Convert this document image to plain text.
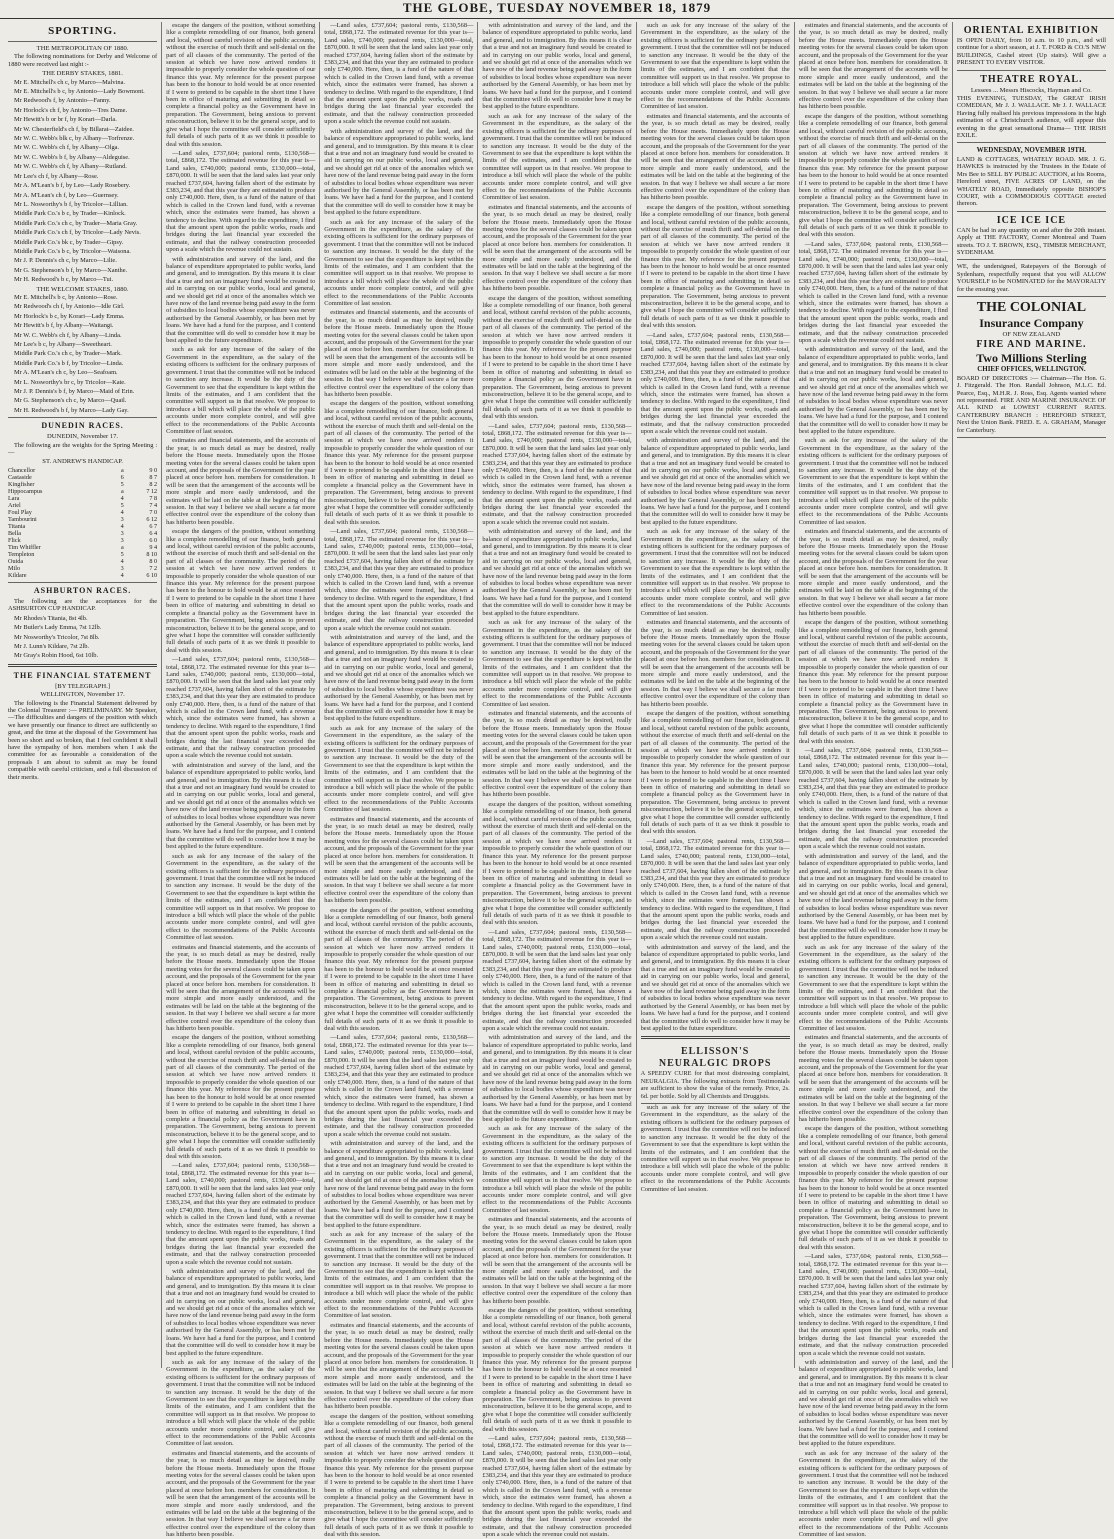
THE GLOBE, TUESDAY NOVEMBER 18, 1879
SPORTING.
THE METROPOLITAN OF 1880.

The following nominations for Derby and Welcome of 1880 were received last night :-

THE DERBY STAKES, 1881.

Mr E. Mitchell's ch c, by Marco—Malvina.

Mr E. Mitchell's b c, by Antonio—Lady Bowmont.

Mr Redwood's f, by Antonio—Fanny.

Mr Horlock's ch f, by Antonio—Tres Dame.

Mr Hewitt's b or br f, by Korari—Darla.

Mr W. Chesterfield's ch f, by Billarat—Zaidee.

Mr W. C. Webb's blk c, by Albany—Torfrenze.

Mr W. C. Webb's ch f, by Albany—Olga.

Mr W. C. Webb's b f, by Albany—Aldeguise.

Mr W. C. Webb's ch f, by Albany—Rutland.

Mr Lee's ch f, by Albany—Rose.

Mr A. M'Lean's b f, by Leo—Lady Rosebery.

Mr A. M'Lean's ch f, by Leo—Guernsey.

Mr L. Nosworthy's b f, by Tricolor—Lillian.

Middle Park Co.'s b c, by Trader—Kinlock.

Middle Park Co.'s ch c, by Trader—Maria Gray.

Middle Park Co.'s ch f, by Tricolor—Lady Nevis.

Middle Park Co.'s bk c, by Trader—Gipsy.

Middle Park Co.'s b c, by Tricolor—Waisona.

Mr J. P. Dennis's ch c, by Marco—Lilie.

Mr G. Stephenson's b f, by Marco—Xanthe.

Mr H. Redwood's b c, by Marco—Tui.

THE WELCOME STAKES, 1880.

Mr E. Mitchell's b c, by Antonio—Rose.

Mr Redwood's ch f, by Antonio—Idle Girl.

Mr Horlock's b c, by Korari—Lady Emma.

Mr Hewitt's b f, by Albany—Waitangi.

Mr W. C. Webb's ch f, by Albany—Linda.

Mr Lee's b c, by Albany—Sweetheart.

Middle Park Co.'s ch c, by Trader—Mark.

Middle Park Co.'s b f, by Tricolor—Linda.

Mr A. M'Lean's ch c, by Leo—Seafoam.

Mr L. Nosworthy's br c, by Tricolor—Kate.

Mr J. P. Dennis's b f, by Marco—Maid of Erin.

Mr G. Stephenson's ch c, by Marco—Quail.

Mr H. Redwood's b f, by Marco—Lady Gay.

DUNEDIN RACES.
DUNEDIN, November 17.

The following are the weights for the Spring Meeting :—

ST. ANDREW'S HANDICAP.
Chancellor	a	9 0
Castaside	6	8 7
Kingfisher	5	8 2
Hippocampus	a	7 12
Lara	4	7 8
Ariel	5	7 4
Foul Play	4	7 0
Tambourini	3	6 12
Titania	4	6 7
Bella	3	6 4
Flick	3	6 0
Tim Whiffler	a	9 4
Templeton	5	8 10
Ouida	4	8 0
Milo	3	7 2
Kildare	4	6 10
ASHBURTON RACES.

The following are the acceptances for the ASHBURTON CUP HANDICAP.

Mr Rhodes's Titania, 8st 4lb.

Mr Butler's Lady Emma, 7st 12lb.

Mr Nosworthy's Tricolor, 7st 8lb.

Mr J. Lunn's Kildare, 7st 2lb.

Mr Gray's Robin Hood, 6st 10lb.

THE FINANCIAL STATEMENT
[BY TELEGRAPH.]
WELLINGTON, November 17.

The following is the Financial Statement delivered by the Colonial Treasurer :— PRELIMINARY. Mr Speaker,—The difficulties and dangers of the position with which we have presently our finance to direct are sufficiently so great, and the time at the disposal of the Government has been so short and so broken, that I feel confident it shall have the sympathy of hon. members when I ask the committee for as favourable a consideration of the proposals I am about to submit as may be found compatible with careful criticism, and a full discussion of their merits.

escape the dangers of the position, without something like a complete remodelling of our finance, both general and local, without careful revision of the public accounts, without the exercise of much thrift and self-denial on the part of all classes of the community. The period of the session at which we have now arrived renders it impossible to properly consider the whole question of our finance this year. My reference for the present purpose has been to the honour to hold would be at once resented if I were to pretend to be capable in the short time I have been in office of maturing and submitting in detail so complete a financial policy as the Government have in preparation. The Government, being anxious to prevent misconstruction, believe it to be the general scope, and to give what I hope the committee will consider sufficiently full details of such parts of it as we think it possible to deal with this session.

—Land sales, £737,604; pastoral rents, £130,568—total, £868,172. The estimated revenue for this year is—Land sales, £740,000; pastoral rents, £130,000—total, £870,000. It will be seen that the land sales last year only reached £737,604, having fallen short of the estimate by £383,234, and that this year they are estimated to produce only £740,000. Here, then, is a fund of the nature of that which is called in the Crown land fund, with a revenue which, since the estimates were framed, has shown a tendency to decline. With regard to the expenditure, I find that the amount spent upon the public works, roads and bridges during the last financial year exceeded the estimate, and that the railway construction proceeded upon a scale which the revenue could not sustain.

with administration and survey of the land, and the balance of expenditure appropriated to public works, land and general, and to immigration. By this means it is clear that a true and not an imaginary fund would be created to aid in carrying on our public works, local and general, and we should get rid at once of the anomalies which we have now of the land revenue being paid away in the form of subsidies to local bodies whose expenditure was never authorised by the General Assembly, or has been met by loans. We have had a fund for the purpose, and I contend that the committee will do well to consider how it may be best applied to the future expenditure.

such as ask for any increase of the salary of the Government in the expenditure, as the salary of the existing officers is sufficient for the ordinary purposes of government. I trust that the committee will not be induced to sanction any increase. It would be the duty of the Government to see that the expenditure is kept within the limits of the estimates, and I am confident that the committee will support us in that resolve. We propose to introduce a bill which will place the whole of the public accounts under more complete control, and will give effect to the recommendations of the Public Accounts Committee of last session.

estimates and financial statements, and the accounts of the year, is so much detail as may be desired, really before the House meets. Immediately upon the House meeting votes for the several classes could be taken upon account, and the proposals of the Government for the year placed at once before hon. members for consideration. It will be seen that the arrangement of the accounts will be more simple and more easily understood, and the estimates will be laid on the table at the beginning of the session. In that way I believe we shall secure a far more effective control over the expenditure of the colony than has hitherto been possible.

escape the dangers of the position, without something like a complete remodelling of our finance, both general and local, without careful revision of the public accounts, without the exercise of much thrift and self-denial on the part of all classes of the community. The period of the session at which we have now arrived renders it impossible to properly consider the whole question of our finance this year. My reference for the present purpose has been to the honour to hold would be at once resented if I were to pretend to be capable in the short time I have been in office of maturing and submitting in detail so complete a financial policy as the Government have in preparation. The Government, being anxious to prevent misconstruction, believe it to be the general scope, and to give what I hope the committee will consider sufficiently full details of such parts of it as we think it possible to deal with this session.

—Land sales, £737,604; pastoral rents, £130,568—total, £868,172. The estimated revenue for this year is—Land sales, £740,000; pastoral rents, £130,000—total, £870,000. It will be seen that the land sales last year only reached £737,604, having fallen short of the estimate by £383,234, and that this year they are estimated to produce only £740,000. Here, then, is a fund of the nature of that which is called in the Crown land fund, with a revenue which, since the estimates were framed, has shown a tendency to decline. With regard to the expenditure, I find that the amount spent upon the public works, roads and bridges during the last financial year exceeded the estimate, and that the railway construction proceeded upon a scale which the revenue could not sustain.

with administration and survey of the land, and the balance of expenditure appropriated to public works, land and general, and to immigration. By this means it is clear that a true and not an imaginary fund would be created to aid in carrying on our public works, local and general, and we should get rid at once of the anomalies which we have now of the land revenue being paid away in the form of subsidies to local bodies whose expenditure was never authorised by the General Assembly, or has been met by loans. We have had a fund for the purpose, and I contend that the committee will do well to consider how it may be best applied to the future expenditure.

such as ask for any increase of the salary of the Government in the expenditure, as the salary of the existing officers is sufficient for the ordinary purposes of government. I trust that the committee will not be induced to sanction any increase. It would be the duty of the Government to see that the expenditure is kept within the limits of the estimates, and I am confident that the committee will support us in that resolve. We propose to introduce a bill which will place the whole of the public accounts under more complete control, and will give effect to the recommendations of the Public Accounts Committee of last session.

estimates and financial statements, and the accounts of the year, is so much detail as may be desired, really before the House meets. Immediately upon the House meeting votes for the several classes could be taken upon account, and the proposals of the Government for the year placed at once before hon. members for consideration. It will be seen that the arrangement of the accounts will be more simple and more easily understood, and the estimates will be laid on the table at the beginning of the session. In that way I believe we shall secure a far more effective control over the expenditure of the colony than has hitherto been possible.

escape the dangers of the position, without something like a complete remodelling of our finance, both general and local, without careful revision of the public accounts, without the exercise of much thrift and self-denial on the part of all classes of the community. The period of the session at which we have now arrived renders it impossible to properly consider the whole question of our finance this year. My reference for the present purpose has been to the honour to hold would be at once resented if I were to pretend to be capable in the short time I have been in office of maturing and submitting in detail so complete a financial policy as the Government have in preparation. The Government, being anxious to prevent misconstruction, believe it to be the general scope, and to give what I hope the committee will consider sufficiently full details of such parts of it as we think it possible to deal with this session.

—Land sales, £737,604; pastoral rents, £130,568—total, £868,172. The estimated revenue for this year is—Land sales, £740,000; pastoral rents, £130,000—total, £870,000. It will be seen that the land sales last year only reached £737,604, having fallen short of the estimate by £383,234, and that this year they are estimated to produce only £740,000. Here, then, is a fund of the nature of that which is called in the Crown land fund, with a revenue which, since the estimates were framed, has shown a tendency to decline. With regard to the expenditure, I find that the amount spent upon the public works, roads and bridges during the last financial year exceeded the estimate, and that the railway construction proceeded upon a scale which the revenue could not sustain.

with administration and survey of the land, and the balance of expenditure appropriated to public works, land and general, and to immigration. By this means it is clear that a true and not an imaginary fund would be created to aid in carrying on our public works, local and general, and we should get rid at once of the anomalies which we have now of the land revenue being paid away in the form of subsidies to local bodies whose expenditure was never authorised by the General Assembly, or has been met by loans. We have had a fund for the purpose, and I contend that the committee will do well to consider how it may be best applied to the future expenditure.

such as ask for any increase of the salary of the Government in the expenditure, as the salary of the existing officers is sufficient for the ordinary purposes of government. I trust that the committee will not be induced to sanction any increase. It would be the duty of the Government to see that the expenditure is kept within the limits of the estimates, and I am confident that the committee will support us in that resolve. We propose to introduce a bill which will place the whole of the public accounts under more complete control, and will give effect to the recommendations of the Public Accounts Committee of last session.

estimates and financial statements, and the accounts of the year, is so much detail as may be desired, really before the House meets. Immediately upon the House meeting votes for the several classes could be taken upon account, and the proposals of the Government for the year placed at once before hon. members for consideration. It will be seen that the arrangement of the accounts will be more simple and more easily understood, and the estimates will be laid on the table at the beginning of the session. In that way I believe we shall secure a far more effective control over the expenditure of the colony than has hitherto been possible.

—Land sales, £737,604; pastoral rents, £130,568—total, £868,172. The estimated revenue for this year is—Land sales, £740,000; pastoral rents, £130,000—total, £870,000. It will be seen that the land sales last year only reached £737,604, having fallen short of the estimate by £383,234, and that this year they are estimated to produce only £740,000. Here, then, is a fund of the nature of that which is called in the Crown land fund, with a revenue which, since the estimates were framed, has shown a tendency to decline. With regard to the expenditure, I find that the amount spent upon the public works, roads and bridges during the last financial year exceeded the estimate, and that the railway construction proceeded upon a scale which the revenue could not sustain.

with administration and survey of the land, and the balance of expenditure appropriated to public works, land and general, and to immigration. By this means it is clear that a true and not an imaginary fund would be created to aid in carrying on our public works, local and general, and we should get rid at once of the anomalies which we have now of the land revenue being paid away in the form of subsidies to local bodies whose expenditure was never authorised by the General Assembly, or has been met by loans. We have had a fund for the purpose, and I contend that the committee will do well to consider how it may be best applied to the future expenditure.

such as ask for any increase of the salary of the Government in the expenditure, as the salary of the existing officers is sufficient for the ordinary purposes of government. I trust that the committee will not be induced to sanction any increase. It would be the duty of the Government to see that the expenditure is kept within the limits of the estimates, and I am confident that the committee will support us in that resolve. We propose to introduce a bill which will place the whole of the public accounts under more complete control, and will give effect to the recommendations of the Public Accounts Committee of last session.

estimates and financial statements, and the accounts of the year, is so much detail as may be desired, really before the House meets. Immediately upon the House meeting votes for the several classes could be taken upon account, and the proposals of the Government for the year placed at once before hon. members for consideration. It will be seen that the arrangement of the accounts will be more simple and more easily understood, and the estimates will be laid on the table at the beginning of the session. In that way I believe we shall secure a far more effective control over the expenditure of the colony than has hitherto been possible.

escape the dangers of the position, without something like a complete remodelling of our finance, both general and local, without careful revision of the public accounts, without the exercise of much thrift and self-denial on the part of all classes of the community. The period of the session at which we have now arrived renders it impossible to properly consider the whole question of our finance this year. My reference for the present purpose has been to the honour to hold would be at once resented if I were to pretend to be capable in the short time I have been in office of maturing and submitting in detail so complete a financial policy as the Government have in preparation. The Government, being anxious to prevent misconstruction, believe it to be the general scope, and to give what I hope the committee will consider sufficiently full details of such parts of it as we think it possible to deal with this session.

—Land sales, £737,604; pastoral rents, £130,568—total, £868,172. The estimated revenue for this year is—Land sales, £740,000; pastoral rents, £130,000—total, £870,000. It will be seen that the land sales last year only reached £737,604, having fallen short of the estimate by £383,234, and that this year they are estimated to produce only £740,000. Here, then, is a fund of the nature of that which is called in the Crown land fund, with a revenue which, since the estimates were framed, has shown a tendency to decline. With regard to the expenditure, I find that the amount spent upon the public works, roads and bridges during the last financial year exceeded the estimate, and that the railway construction proceeded upon a scale which the revenue could not sustain.

with administration and survey of the land, and the balance of expenditure appropriated to public works, land and general, and to immigration. By this means it is clear that a true and not an imaginary fund would be created to aid in carrying on our public works, local and general, and we should get rid at once of the anomalies which we have now of the land revenue being paid away in the form of subsidies to local bodies whose expenditure was never authorised by the General Assembly, or has been met by loans. We have had a fund for the purpose, and I contend that the committee will do well to consider how it may be best applied to the future expenditure.

such as ask for any increase of the salary of the Government in the expenditure, as the salary of the existing officers is sufficient for the ordinary purposes of government. I trust that the committee will not be induced to sanction any increase. It would be the duty of the Government to see that the expenditure is kept within the limits of the estimates, and I am confident that the committee will support us in that resolve. We propose to introduce a bill which will place the whole of the public accounts under more complete control, and will give effect to the recommendations of the Public Accounts Committee of last session.

estimates and financial statements, and the accounts of the year, is so much detail as may be desired, really before the House meets. Immediately upon the House meeting votes for the several classes could be taken upon account, and the proposals of the Government for the year placed at once before hon. members for consideration. It will be seen that the arrangement of the accounts will be more simple and more easily understood, and the estimates will be laid on the table at the beginning of the session. In that way I believe we shall secure a far more effective control over the expenditure of the colony than has hitherto been possible.

escape the dangers of the position, without something like a complete remodelling of our finance, both general and local, without careful revision of the public accounts, without the exercise of much thrift and self-denial on the part of all classes of the community. The period of the session at which we have now arrived renders it impossible to properly consider the whole question of our finance this year. My reference for the present purpose has been to the honour to hold would be at once resented if I were to pretend to be capable in the short time I have been in office of maturing and submitting in detail so complete a financial policy as the Government have in preparation. The Government, being anxious to prevent misconstruction, believe it to be the general scope, and to give what I hope the committee will consider sufficiently full details of such parts of it as we think it possible to deal with this session.

—Land sales, £737,604; pastoral rents, £130,568—total, £868,172. The estimated revenue for this year is—Land sales, £740,000; pastoral rents, £130,000—total, £870,000. It will be seen that the land sales last year only reached £737,604, having fallen short of the estimate by £383,234, and that this year they are estimated to produce only £740,000. Here, then, is a fund of the nature of that which is called in the Crown land fund, with a revenue which, since the estimates were framed, has shown a tendency to decline. With regard to the expenditure, I find that the amount spent upon the public works, roads and bridges during the last financial year exceeded the estimate, and that the railway construction proceeded upon a scale which the revenue could not sustain.

with administration and survey of the land, and the balance of expenditure appropriated to public works, land and general, and to immigration. By this means it is clear that a true and not an imaginary fund would be created to aid in carrying on our public works, local and general, and we should get rid at once of the anomalies which we have now of the land revenue being paid away in the form of subsidies to local bodies whose expenditure was never authorised by the General Assembly, or has been met by loans. We have had a fund for the purpose, and I contend that the committee will do well to consider how it may be best applied to the future expenditure.

such as ask for any increase of the salary of the Government in the expenditure, as the salary of the existing officers is sufficient for the ordinary purposes of government. I trust that the committee will not be induced to sanction any increase. It would be the duty of the Government to see that the expenditure is kept within the limits of the estimates, and I am confident that the committee will support us in that resolve. We propose to introduce a bill which will place the whole of the public accounts under more complete control, and will give effect to the recommendations of the Public Accounts Committee of last session.

estimates and financial statements, and the accounts of the year, is so much detail as may be desired, really before the House meets. Immediately upon the House meeting votes for the several classes could be taken upon account, and the proposals of the Government for the year placed at once before hon. members for consideration. It will be seen that the arrangement of the accounts will be more simple and more easily understood, and the estimates will be laid on the table at the beginning of the session. In that way I believe we shall secure a far more effective control over the expenditure of the colony than has hitherto been possible.

escape the dangers of the position, without something like a complete remodelling of our finance, both general and local, without careful revision of the public accounts, without the exercise of much thrift and self-denial on the part of all classes of the community. The period of the session at which we have now arrived renders it impossible to properly consider the whole question of our finance this year. My reference for the present purpose has been to the honour to hold would be at once resented if I were to pretend to be capable in the short time I have been in office of maturing and submitting in detail so complete a financial policy as the Government have in preparation. The Government, being anxious to prevent misconstruction, believe it to be the general scope, and to give what I hope the committee will consider sufficiently full details of such parts of it as we think it possible to deal with this session.

with administration and survey of the land, and the balance of expenditure appropriated to public works, land and general, and to immigration. By this means it is clear that a true and not an imaginary fund would be created to aid in carrying on our public works, local and general, and we should get rid at once of the anomalies which we have now of the land revenue being paid away in the form of subsidies to local bodies whose expenditure was never authorised by the General Assembly, or has been met by loans. We have had a fund for the purpose, and I contend that the committee will do well to consider how it may be best applied to the future expenditure.

such as ask for any increase of the salary of the Government in the expenditure, as the salary of the existing officers is sufficient for the ordinary purposes of government. I trust that the committee will not be induced to sanction any increase. It would be the duty of the Government to see that the expenditure is kept within the limits of the estimates, and I am confident that the committee will support us in that resolve. We propose to introduce a bill which will place the whole of the public accounts under more complete control, and will give effect to the recommendations of the Public Accounts Committee of last session.

estimates and financial statements, and the accounts of the year, is so much detail as may be desired, really before the House meets. Immediately upon the House meeting votes for the several classes could be taken upon account, and the proposals of the Government for the year placed at once before hon. members for consideration. It will be seen that the arrangement of the accounts will be more simple and more easily understood, and the estimates will be laid on the table at the beginning of the session. In that way I believe we shall secure a far more effective control over the expenditure of the colony than has hitherto been possible.

escape the dangers of the position, without something like a complete remodelling of our finance, both general and local, without careful revision of the public accounts, without the exercise of much thrift and self-denial on the part of all classes of the community. The period of the session at which we have now arrived renders it impossible to properly consider the whole question of our finance this year. My reference for the present purpose has been to the honour to hold would be at once resented if I were to pretend to be capable in the short time I have been in office of maturing and submitting in detail so complete a financial policy as the Government have in preparation. The Government, being anxious to prevent misconstruction, believe it to be the general scope, and to give what I hope the committee will consider sufficiently full details of such parts of it as we think it possible to deal with this session.

—Land sales, £737,604; pastoral rents, £130,568—total, £868,172. The estimated revenue for this year is—Land sales, £740,000; pastoral rents, £130,000—total, £870,000. It will be seen that the land sales last year only reached £737,604, having fallen short of the estimate by £383,234, and that this year they are estimated to produce only £740,000. Here, then, is a fund of the nature of that which is called in the Crown land fund, with a revenue which, since the estimates were framed, has shown a tendency to decline. With regard to the expenditure, I find that the amount spent upon the public works, roads and bridges during the last financial year exceeded the estimate, and that the railway construction proceeded upon a scale which the revenue could not sustain.

with administration and survey of the land, and the balance of expenditure appropriated to public works, land and general, and to immigration. By this means it is clear that a true and not an imaginary fund would be created to aid in carrying on our public works, local and general, and we should get rid at once of the anomalies which we have now of the land revenue being paid away in the form of subsidies to local bodies whose expenditure was never authorised by the General Assembly, or has been met by loans. We have had a fund for the purpose, and I contend that the committee will do well to consider how it may be best applied to the future expenditure.

such as ask for any increase of the salary of the Government in the expenditure, as the salary of the existing officers is sufficient for the ordinary purposes of government. I trust that the committee will not be induced to sanction any increase. It would be the duty of the Government to see that the expenditure is kept within the limits of the estimates, and I am confident that the committee will support us in that resolve. We propose to introduce a bill which will place the whole of the public accounts under more complete control, and will give effect to the recommendations of the Public Accounts Committee of last session.

estimates and financial statements, and the accounts of the year, is so much detail as may be desired, really before the House meets. Immediately upon the House meeting votes for the several classes could be taken upon account, and the proposals of the Government for the year placed at once before hon. members for consideration. It will be seen that the arrangement of the accounts will be more simple and more easily understood, and the estimates will be laid on the table at the beginning of the session. In that way I believe we shall secure a far more effective control over the expenditure of the colony than has hitherto been possible.

escape the dangers of the position, without something like a complete remodelling of our finance, both general and local, without careful revision of the public accounts, without the exercise of much thrift and self-denial on the part of all classes of the community. The period of the session at which we have now arrived renders it impossible to properly consider the whole question of our finance this year. My reference for the present purpose has been to the honour to hold would be at once resented if I were to pretend to be capable in the short time I have been in office of maturing and submitting in detail so complete a financial policy as the Government have in preparation. The Government, being anxious to prevent misconstruction, believe it to be the general scope, and to give what I hope the committee will consider sufficiently full details of such parts of it as we think it possible to deal with this session.

—Land sales, £737,604; pastoral rents, £130,568—total, £868,172. The estimated revenue for this year is—Land sales, £740,000; pastoral rents, £130,000—total, £870,000. It will be seen that the land sales last year only reached £737,604, having fallen short of the estimate by £383,234, and that this year they are estimated to produce only £740,000. Here, then, is a fund of the nature of that which is called in the Crown land fund, with a revenue which, since the estimates were framed, has shown a tendency to decline. With regard to the expenditure, I find that the amount spent upon the public works, roads and bridges during the last financial year exceeded the estimate, and that the railway construction proceeded upon a scale which the revenue could not sustain.

with administration and survey of the land, and the balance of expenditure appropriated to public works, land and general, and to immigration. By this means it is clear that a true and not an imaginary fund would be created to aid in carrying on our public works, local and general, and we should get rid at once of the anomalies which we have now of the land revenue being paid away in the form of subsidies to local bodies whose expenditure was never authorised by the General Assembly, or has been met by loans. We have had a fund for the purpose, and I contend that the committee will do well to consider how it may be best applied to the future expenditure.

such as ask for any increase of the salary of the Government in the expenditure, as the salary of the existing officers is sufficient for the ordinary purposes of government. I trust that the committee will not be induced to sanction any increase. It would be the duty of the Government to see that the expenditure is kept within the limits of the estimates, and I am confident that the committee will support us in that resolve. We propose to introduce a bill which will place the whole of the public accounts under more complete control, and will give effect to the recommendations of the Public Accounts Committee of last session.

estimates and financial statements, and the accounts of the year, is so much detail as may be desired, really before the House meets. Immediately upon the House meeting votes for the several classes could be taken upon account, and the proposals of the Government for the year placed at once before hon. members for consideration. It will be seen that the arrangement of the accounts will be more simple and more easily understood, and the estimates will be laid on the table at the beginning of the session. In that way I believe we shall secure a far more effective control over the expenditure of the colony than has hitherto been possible.

escape the dangers of the position, without something like a complete remodelling of our finance, both general and local, without careful revision of the public accounts, without the exercise of much thrift and self-denial on the part of all classes of the community. The period of the session at which we have now arrived renders it impossible to properly consider the whole question of our finance this year. My reference for the present purpose has been to the honour to hold would be at once resented if I were to pretend to be capable in the short time I have been in office of maturing and submitting in detail so complete a financial policy as the Government have in preparation. The Government, being anxious to prevent misconstruction, believe it to be the general scope, and to give what I hope the committee will consider sufficiently full details of such parts of it as we think it possible to deal with this session.

—Land sales, £737,604; pastoral rents, £130,568—total, £868,172. The estimated revenue for this year is—Land sales, £740,000; pastoral rents, £130,000—total, £870,000. It will be seen that the land sales last year only reached £737,604, having fallen short of the estimate by £383,234, and that this year they are estimated to produce only £740,000. Here, then, is a fund of the nature of that which is called in the Crown land fund, with a revenue which, since the estimates were framed, has shown a tendency to decline. With regard to the expenditure, I find that the amount spent upon the public works, roads and bridges during the last financial year exceeded the estimate, and that the railway construction proceeded upon a scale which the revenue could not sustain.

such as ask for any increase of the salary of the Government in the expenditure, as the salary of the existing officers is sufficient for the ordinary purposes of government. I trust that the committee will not be induced to sanction any increase. It would be the duty of the Government to see that the expenditure is kept within the limits of the estimates, and I am confident that the committee will support us in that resolve. We propose to introduce a bill which will place the whole of the public accounts under more complete control, and will give effect to the recommendations of the Public Accounts Committee of last session.

estimates and financial statements, and the accounts of the year, is so much detail as may be desired, really before the House meets. Immediately upon the House meeting votes for the several classes could be taken upon account, and the proposals of the Government for the year placed at once before hon. members for consideration. It will be seen that the arrangement of the accounts will be more simple and more easily understood, and the estimates will be laid on the table at the beginning of the session. In that way I believe we shall secure a far more effective control over the expenditure of the colony than has hitherto been possible.

escape the dangers of the position, without something like a complete remodelling of our finance, both general and local, without careful revision of the public accounts, without the exercise of much thrift and self-denial on the part of all classes of the community. The period of the session at which we have now arrived renders it impossible to properly consider the whole question of our finance this year. My reference for the present purpose has been to the honour to hold would be at once resented if I were to pretend to be capable in the short time I have been in office of maturing and submitting in detail so complete a financial policy as the Government have in preparation. The Government, being anxious to prevent misconstruction, believe it to be the general scope, and to give what I hope the committee will consider sufficiently full details of such parts of it as we think it possible to deal with this session.

—Land sales, £737,604; pastoral rents, £130,568—total, £868,172. The estimated revenue for this year is—Land sales, £740,000; pastoral rents, £130,000—total, £870,000. It will be seen that the land sales last year only reached £737,604, having fallen short of the estimate by £383,234, and that this year they are estimated to produce only £740,000. Here, then, is a fund of the nature of that which is called in the Crown land fund, with a revenue which, since the estimates were framed, has shown a tendency to decline. With regard to the expenditure, I find that the amount spent upon the public works, roads and bridges during the last financial year exceeded the estimate, and that the railway construction proceeded upon a scale which the revenue could not sustain.

with administration and survey of the land, and the balance of expenditure appropriated to public works, land and general, and to immigration. By this means it is clear that a true and not an imaginary fund would be created to aid in carrying on our public works, local and general, and we should get rid at once of the anomalies which we have now of the land revenue being paid away in the form of subsidies to local bodies whose expenditure was never authorised by the General Assembly, or has been met by loans. We have had a fund for the purpose, and I contend that the committee will do well to consider how it may be best applied to the future expenditure.

such as ask for any increase of the salary of the Government in the expenditure, as the salary of the existing officers is sufficient for the ordinary purposes of government. I trust that the committee will not be induced to sanction any increase. It would be the duty of the Government to see that the expenditure is kept within the limits of the estimates, and I am confident that the committee will support us in that resolve. We propose to introduce a bill which will place the whole of the public accounts under more complete control, and will give effect to the recommendations of the Public Accounts Committee of last session.

estimates and financial statements, and the accounts of the year, is so much detail as may be desired, really before the House meets. Immediately upon the House meeting votes for the several classes could be taken upon account, and the proposals of the Government for the year placed at once before hon. members for consideration. It will be seen that the arrangement of the accounts will be more simple and more easily understood, and the estimates will be laid on the table at the beginning of the session. In that way I believe we shall secure a far more effective control over the expenditure of the colony than has hitherto been possible.

escape the dangers of the position, without something like a complete remodelling of our finance, both general and local, without careful revision of the public accounts, without the exercise of much thrift and self-denial on the part of all classes of the community. The period of the session at which we have now arrived renders it impossible to properly consider the whole question of our finance this year. My reference for the present purpose has been to the honour to hold would be at once resented if I were to pretend to be capable in the short time I have been in office of maturing and submitting in detail so complete a financial policy as the Government have in preparation. The Government, being anxious to prevent misconstruction, believe it to be the general scope, and to give what I hope the committee will consider sufficiently full details of such parts of it as we think it possible to deal with this session.

—Land sales, £737,604; pastoral rents, £130,568—total, £868,172. The estimated revenue for this year is—Land sales, £740,000; pastoral rents, £130,000—total, £870,000. It will be seen that the land sales last year only reached £737,604, having fallen short of the estimate by £383,234, and that this year they are estimated to produce only £740,000. Here, then, is a fund of the nature of that which is called in the Crown land fund, with a revenue which, since the estimates were framed, has shown a tendency to decline. With regard to the expenditure, I find that the amount spent upon the public works, roads and bridges during the last financial year exceeded the estimate, and that the railway construction proceeded upon a scale which the revenue could not sustain.

with administration and survey of the land, and the balance of expenditure appropriated to public works, land and general, and to immigration. By this means it is clear that a true and not an imaginary fund would be created to aid in carrying on our public works, local and general, and we should get rid at once of the anomalies which we have now of the land revenue being paid away in the form of subsidies to local bodies whose expenditure was never authorised by the General Assembly, or has been met by loans. We have had a fund for the purpose, and I contend that the committee will do well to consider how it may be best applied to the future expenditure.

ELLISSON'S
NEURALGIC DROPS
A SPEEDY CURE for that most distressing complaint, NEURALGIA. The following extracts from Testimonials are sufficient to show the value of the remedy. Price, 2s. 6d. per bottle. Sold by all Chemists and Druggists.

such as ask for any increase of the salary of the Government in the expenditure, as the salary of the existing officers is sufficient for the ordinary purposes of government. I trust that the committee will not be induced to sanction any increase. It would be the duty of the Government to see that the expenditure is kept within the limits of the estimates, and I am confident that the committee will support us in that resolve. We propose to introduce a bill which will place the whole of the public accounts under more complete control, and will give effect to the recommendations of the Public Accounts Committee of last session.

estimates and financial statements, and the accounts of the year, is so much detail as may be desired, really before the House meets. Immediately upon the House meeting votes for the several classes could be taken upon account, and the proposals of the Government for the year placed at once before hon. members for consideration. It will be seen that the arrangement of the accounts will be more simple and more easily understood, and the estimates will be laid on the table at the beginning of the session. In that way I believe we shall secure a far more effective control over the expenditure of the colony than has hitherto been possible.

escape the dangers of the position, without something like a complete remodelling of our finance, both general and local, without careful revision of the public accounts, without the exercise of much thrift and self-denial on the part of all classes of the community. The period of the session at which we have now arrived renders it impossible to properly consider the whole question of our finance this year. My reference for the present purpose has been to the honour to hold would be at once resented if I were to pretend to be capable in the short time I have been in office of maturing and submitting in detail so complete a financial policy as the Government have in preparation. The Government, being anxious to prevent misconstruction, believe it to be the general scope, and to give what I hope the committee will consider sufficiently full details of such parts of it as we think it possible to deal with this session.

—Land sales, £737,604; pastoral rents, £130,568—total, £868,172. The estimated revenue for this year is—Land sales, £740,000; pastoral rents, £130,000—total, £870,000. It will be seen that the land sales last year only reached £737,604, having fallen short of the estimate by £383,234, and that this year they are estimated to produce only £740,000. Here, then, is a fund of the nature of that which is called in the Crown land fund, with a revenue which, since the estimates were framed, has shown a tendency to decline. With regard to the expenditure, I find that the amount spent upon the public works, roads and bridges during the last financial year exceeded the estimate, and that the railway construction proceeded upon a scale which the revenue could not sustain.

with administration and survey of the land, and the balance of expenditure appropriated to public works, land and general, and to immigration. By this means it is clear that a true and not an imaginary fund would be created to aid in carrying on our public works, local and general, and we should get rid at once of the anomalies which we have now of the land revenue being paid away in the form of subsidies to local bodies whose expenditure was never authorised by the General Assembly, or has been met by loans. We have had a fund for the purpose, and I contend that the committee will do well to consider how it may be best applied to the future expenditure.

such as ask for any increase of the salary of the Government in the expenditure, as the salary of the existing officers is sufficient for the ordinary purposes of government. I trust that the committee will not be induced to sanction any increase. It would be the duty of the Government to see that the expenditure is kept within the limits of the estimates, and I am confident that the committee will support us in that resolve. We propose to introduce a bill which will place the whole of the public accounts under more complete control, and will give effect to the recommendations of the Public Accounts Committee of last session.

estimates and financial statements, and the accounts of the year, is so much detail as may be desired, really before the House meets. Immediately upon the House meeting votes for the several classes could be taken upon account, and the proposals of the Government for the year placed at once before hon. members for consideration. It will be seen that the arrangement of the accounts will be more simple and more easily understood, and the estimates will be laid on the table at the beginning of the session. In that way I believe we shall secure a far more effective control over the expenditure of the colony than has hitherto been possible.

escape the dangers of the position, without something like a complete remodelling of our finance, both general and local, without careful revision of the public accounts, without the exercise of much thrift and self-denial on the part of all classes of the community. The period of the session at which we have now arrived renders it impossible to properly consider the whole question of our finance this year. My reference for the present purpose has been to the honour to hold would be at once resented if I were to pretend to be capable in the short time I have been in office of maturing and submitting in detail so complete a financial policy as the Government have in preparation. The Government, being anxious to prevent misconstruction, believe it to be the general scope, and to give what I hope the committee will consider sufficiently full details of such parts of it as we think it possible to deal with this session.

—Land sales, £737,604; pastoral rents, £130,568—total, £868,172. The estimated revenue for this year is—Land sales, £740,000; pastoral rents, £130,000—total, £870,000. It will be seen that the land sales last year only reached £737,604, having fallen short of the estimate by £383,234, and that this year they are estimated to produce only £740,000. Here, then, is a fund of the nature of that which is called in the Crown land fund, with a revenue which, since the estimates were framed, has shown a tendency to decline. With regard to the expenditure, I find that the amount spent upon the public works, roads and bridges during the last financial year exceeded the estimate, and that the railway construction proceeded upon a scale which the revenue could not sustain.

with administration and survey of the land, and the balance of expenditure appropriated to public works, land and general, and to immigration. By this means it is clear that a true and not an imaginary fund would be created to aid in carrying on our public works, local and general, and we should get rid at once of the anomalies which we have now of the land revenue being paid away in the form of subsidies to local bodies whose expenditure was never authorised by the General Assembly, or has been met by loans. We have had a fund for the purpose, and I contend that the committee will do well to consider how it may be best applied to the future expenditure.

such as ask for any increase of the salary of the Government in the expenditure, as the salary of the existing officers is sufficient for the ordinary purposes of government. I trust that the committee will not be induced to sanction any increase. It would be the duty of the Government to see that the expenditure is kept within the limits of the estimates, and I am confident that the committee will support us in that resolve. We propose to introduce a bill which will place the whole of the public accounts under more complete control, and will give effect to the recommendations of the Public Accounts Committee of last session.

estimates and financial statements, and the accounts of the year, is so much detail as may be desired, really before the House meets. Immediately upon the House meeting votes for the several classes could be taken upon account, and the proposals of the Government for the year placed at once before hon. members for consideration. It will be seen that the arrangement of the accounts will be more simple and more easily understood, and the estimates will be laid on the table at the beginning of the session. In that way I believe we shall secure a far more effective control over the expenditure of the colony than has hitherto been possible.

escape the dangers of the position, without something like a complete remodelling of our finance, both general and local, without careful revision of the public accounts, without the exercise of much thrift and self-denial on the part of all classes of the community. The period of the session at which we have now arrived renders it impossible to properly consider the whole question of our finance this year. My reference for the present purpose has been to the honour to hold would be at once resented if I were to pretend to be capable in the short time I have been in office of maturing and submitting in detail so complete a financial policy as the Government have in preparation. The Government, being anxious to prevent misconstruction, believe it to be the general scope, and to give what I hope the committee will consider sufficiently full details of such parts of it as we think it possible to deal with this session.

—Land sales, £737,604; pastoral rents, £130,568—total, £868,172. The estimated revenue for this year is—Land sales, £740,000; pastoral rents, £130,000—total, £870,000. It will be seen that the land sales last year only reached £737,604, having fallen short of the estimate by £383,234, and that this year they are estimated to produce only £740,000. Here, then, is a fund of the nature of that which is called in the Crown land fund, with a revenue which, since the estimates were framed, has shown a tendency to decline. With regard to the expenditure, I find that the amount spent upon the public works, roads and bridges during the last financial year exceeded the estimate, and that the railway construction proceeded upon a scale which the revenue could not sustain.

with administration and survey of the land, and the balance of expenditure appropriated to public works, land and general, and to immigration. By this means it is clear that a true and not an imaginary fund would be created to aid in carrying on our public works, local and general, and we should get rid at once of the anomalies which we have now of the land revenue being paid away in the form of subsidies to local bodies whose expenditure was never authorised by the General Assembly, or has been met by loans. We have had a fund for the purpose, and I contend that the committee will do well to consider how it may be best applied to the future expenditure.

such as ask for any increase of the salary of the Government in the expenditure, as the salary of the existing officers is sufficient for the ordinary purposes of government. I trust that the committee will not be induced to sanction any increase. It would be the duty of the Government to see that the expenditure is kept within the limits of the estimates, and I am confident that the committee will support us in that resolve. We propose to introduce a bill which will place the whole of the public accounts under more complete control, and will give effect to the recommendations of the Public Accounts Committee of last session.

ORIENTAL EXHIBITION
IS OPEN DAILY, from 10 a.m. to 10 p.m., and will continue for a short season, at J. T. FORD & CO.'S NEW BUILDINGS, Cashel street (Up stairs). Will give a PRESENT TO EVERY VISITOR.
THEATRE ROYAL.
Lessees ... Messrs Hiscocks, Hayman and Co.
THIS EVENING, TUESDAY, The GREAT IRISH COMEDIAN, Mr J. J. WALLACE. Mr J. J. WALLACE Having fully realised his previous impressions in the high estimation of a Christchurch audience, will appear this evening in the great sensational Drama— THE IRISH EXILE.
WEDNESDAY, NOVEMBER 19TH.
LAND & COTTAGES, WHATELY ROAD. MR. J. G. HAWKES is instructed by the Trustees in the Estate of Mrs Bee to SELL BY PUBLIC AUCTION, at his Rooms, Hereford street, FIVE ACRES OF LAND, on the WHATELY ROAD, Immediately opposite BISHOP'S COURT, with a COMMODIOUS COTTAGE erected thereon.
ICE ICE ICE
CAN be had in any quantity on and after the 20th instant. Apply at THE FACTORY, Corner Montreal and Tuam streets. TO J. T. BROWN, ESQ., TIMBER MERCHANT, SYDENHAM.
WE, the undersigned, Ratepayers of the Borough of Sydenham, respectfully request that you will ALLOW YOURSELF to be NOMINATED for the MAYORALTY for the ensuing year.
THE COLONIAL
Insurance Company
OF NEW ZEALAND
FIRE AND MARINE.
Two Millions Sterling
CHIEF OFFICES, WELLINGTON.
BOARD OF DIRECTORS :— Chairman—The Hon. G. J. Fitzgerald. The Hon. Randall Johnson, M.L.C. Ed. Pearce, Esq., M.H.R. J. Ross, Esq. Agents wanted where not represented. FIRE AND MARINE INSURANCE OF ALL KIND at LOWEST CURRENT RATES. CANTERBURY BRANCH : HEREFORD STREET, Next the Union Bank. FRED. E. A. GRAHAM, Manager for Canterbury.
